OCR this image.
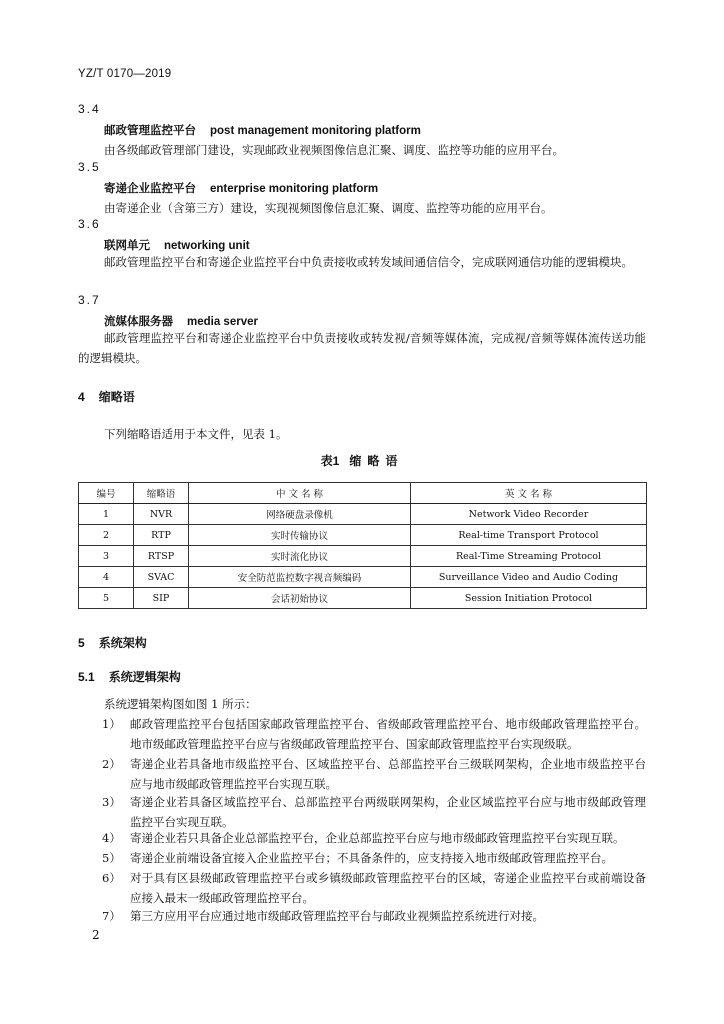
YZ/T 0170—2019
3.4
邮政管理监控平台 post management monitoring platform
由各级邮政管理部门建设，实现邮政业视频图像信息汇聚、调度、监控等功能的应用平台。
3.5
寄递企业监控平台 enterprise monitoring platform
由寄递企业（含第三方）建设，实现视频图像信息汇聚、调度、监控等功能的应用平台。
3.6
联网单元 networking unit
邮政管理监控平台和寄递企业监控平台中负责接收或转发域间通信信令，完成联网通信功能的逻辑模块。
3.7
流媒体服务器 media server
邮政管理监控平台和寄递企业监控平台中负责接收或转发视/音频等媒体流，完成视/音频等媒体流传送功能的逻辑模块。
4 缩略语
下列缩略语适用于本文件，见表 1。
表1 缩略语
编号	缩略语	中 文 名 称	英 文 名 称
1	NVR	网络硬盘录像机	Network Video Recorder
2	RTP	实时传输协议	Real-time Transport Protocol
3	RTSP	实时流化协议	Real-Time Streaming Protocol
4	SVAC	安全防范监控数字视音频编码	Surveillance Video and Audio Coding
5	SIP	会话初始协议	Session Initiation Protocol
5 系统架构
5.1 系统逻辑架构
系统逻辑架构图如图 1 所示：
1） 邮政管理监控平台包括国家邮政管理监控平台、省级邮政管理监控平台、地市级邮政管理监控平台。地市级邮政管理监控平台应与省级邮政管理监控平台、国家邮政管理监控平台实现级联。
2） 寄递企业若具备地市级监控平台、区域监控平台、总部监控平台三级联网架构，企业地市级监控平台应与地市级邮政管理监控平台实现互联。
3） 寄递企业若具备区域监控平台、总部监控平台两级联网架构，企业区域监控平台应与地市级邮政管理监控平台实现互联。
4） 寄递企业若只具备企业总部监控平台，企业总部监控平台应与地市级邮政管理监控平台实现互联。
5） 寄递企业前端设备宜接入企业监控平台；不具备条件的，应支持接入地市级邮政管理监控平台。
6） 对于具有区县级邮政管理监控平台或乡镇级邮政管理监控平台的区域，寄递企业监控平台或前端设备应接入最末一级邮政管理监控平台。
7） 第三方应用平台应通过地市级邮政管理监控平台与邮政业视频监控系统进行对接。
2
